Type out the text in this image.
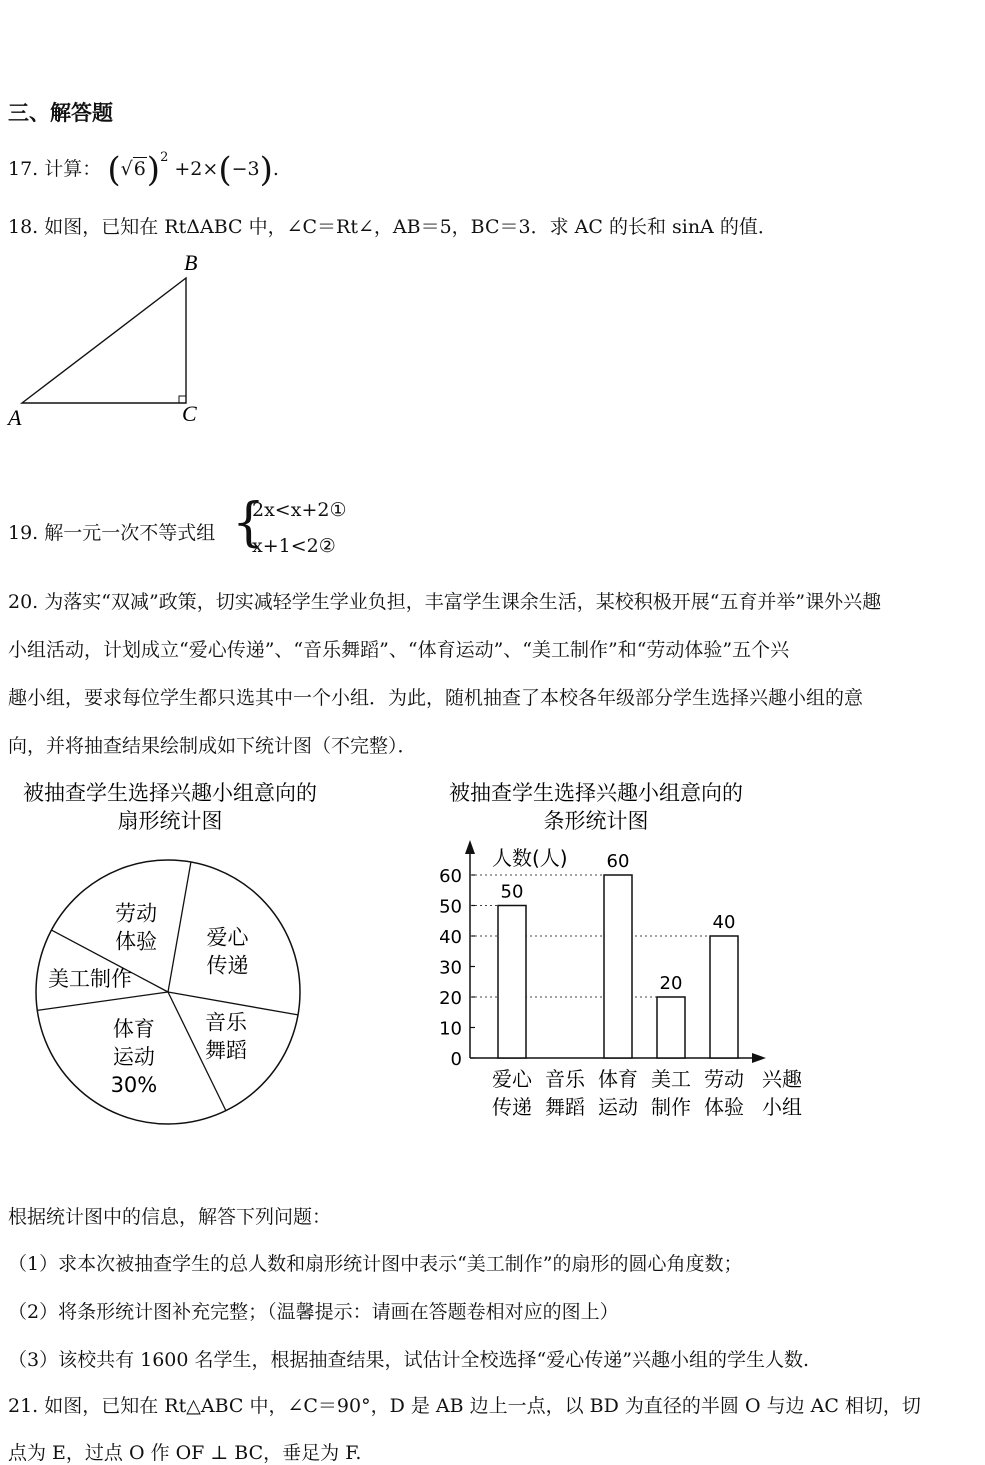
三、解答题
17. 计算： $(√6)^2 +2\times(-3)$.
18. 如图，已知在 RtΔABC 中，∠C＝Rt∠，AB＝5，BC＝3．求 AC 的长和 sinA 的值．
B
A	C
19. 解一元一次不等式组 {
2x<x+2①
x+1<2②
20. 为落实“双减”政策，切实减轻学生学业负担，丰富学生课余生活，某校积极开展“五育并举”课外兴趣
小组活动，计划成立“爱心传递”、“音乐舞蹈”、“体育运动”、“美工制作”和“劳动体验”五个兴
趣小组，要求每位学生都只选其中一个小组．为此，随机抽查了本校各年级部分学生选择兴趣小组的意
向，并将抽查结果绘制成如下统计图（不完整）．
被抽查学生选择兴趣小组意向的
扇形统计图
劳动
体验 爱心
传递
音乐
舞蹈
体育
运动
30%
美工制作
被抽查学生选择兴趣小组意向的
条形统计图
人数(人)
0
10
20
30
40
50
60
50
爱心
传递
音乐
舞蹈
60
体育
运动
20
美工
制作
40
劳动
体验
兴趣
小组
根据统计图中的信息，解答下列问题：
（1）求本次被抽查学生的总人数和扇形统计图中表示“美工制作”的扇形的圆心角度数；
（2）将条形统计图补充完整；（温馨提示：请画在答题卷相对应的图上）
（3）该校共有 1600 名学生，根据抽查结果，试估计全校选择“爱心传递”兴趣小组的学生人数.
21. 如图，已知在 Rt△ABC 中，∠C＝90°，D 是 AB 边上一点，以 BD 为直径的半圆 O 与边 AC 相切，切
点为 E，过点 O 作 OF ⊥ BC，垂足为 F.
